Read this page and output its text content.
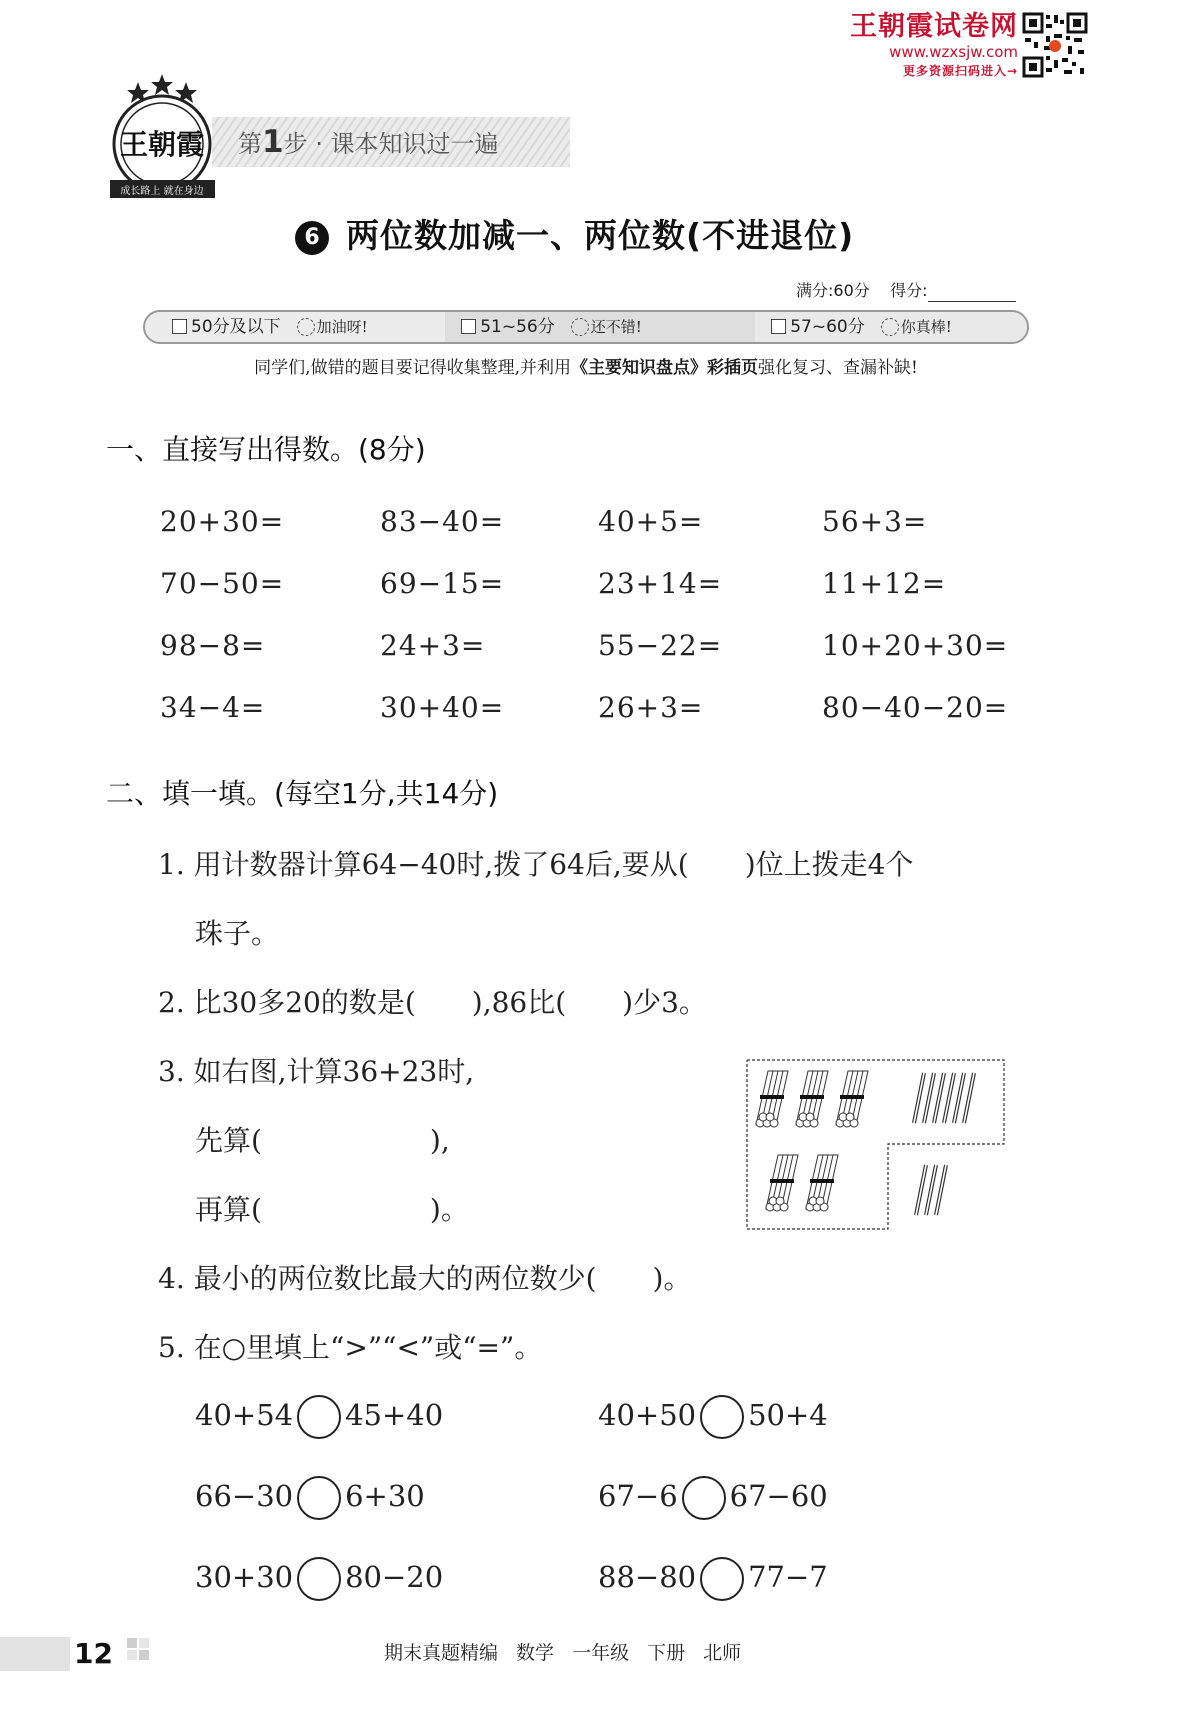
王朝霞试卷网
www.wzxsjw.com
更多资源扫码进入→
第1步 · 课本知识过一遍
王朝霞
成长路上 就在身边
6 两位数加减一、两位数(不进退位)
满分:60分 得分:
50分及以下 加油呀!	51~56分 还不错!	57~60分 你真棒!
同学们,做错的题目要记得收集整理,并利用《主要知识盘点》彩插页强化复习、查漏补缺!
一、直接写出得数。(8分)
20+30=	83−40=	40+5=	56+3=
70−50=	69−15=	23+14=	11+12=
98−8=	24+3=	55−22=	10+20+30=
34−4=	30+40=	26+3=	80−40−20=
二、填一填。(每空1分,共14分)
1. 用计数器计算64−40时,拨了64后,要从(　　)位上拨走4个
珠子。
2. 比30多20的数是(　　),86比(　　)少3。
3. 如右图,计算36+23时,
先算(　　　　　　),
再算(　　　　　　)。
4. 最小的两位数比最大的两位数少(　　)。
5. 在○里填上“>”“<”或“=”。
40+54 45+40	40+50 50+4
66−30 6+30	67−6 67−60
30+30 80−20	88−80 77−7
12	期末真题精编 数学 一年级 下册 北师
